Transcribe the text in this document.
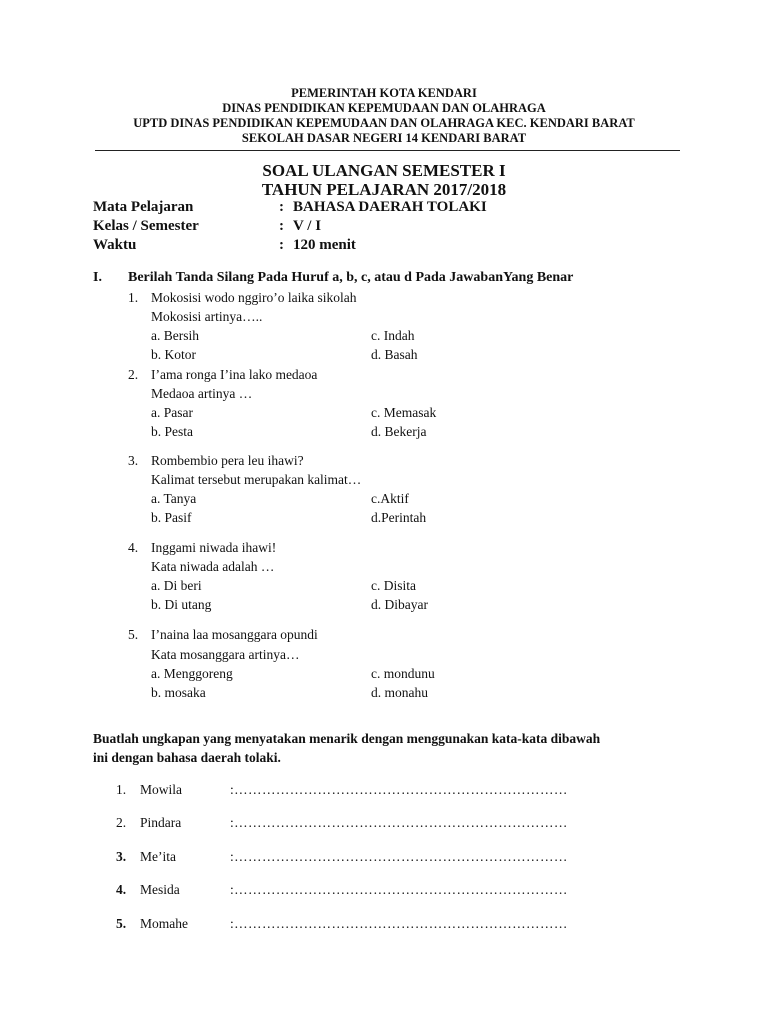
PEMERINTAH KOTA KENDARI
DINAS PENDIDIKAN KEPEMUDAAN DAN OLAHRAGA
UPTD DINAS PENDIDIKAN KEPEMUDAAN DAN OLAHRAGA KEC. KENDARI BARAT
SEKOLAH DASAR NEGERI 14 KENDARI BARAT
SOAL ULANGAN SEMESTER I
TAHUN PELAJARAN 2017/2018
Mata Pelajaran	: BAHASA DAERAH TOLAKI
Kelas / Semester	: V / I
Waktu	: 120 menit
I. Berilah Tanda Silang Pada Huruf a, b, c, atau d Pada JawabanYang Benar
1. Mokosisi wodo nggiro’o laika sikolah
Mokosisi artinya…..
a. Bersih	c. Indah
b. Kotor	d. Basah
2. I’ama ronga I’ina lako medaoa
Medaoa artinya …
a. Pasar	c. Memasak
b. Pesta	d. Bekerja
3. Rombembio pera leu ihawi?
Kalimat tersebut merupakan kalimat…
a. Tanya	c.Aktif
b. Pasif	d.Perintah
4. Inggami niwada ihawi!
Kata niwada adalah …
a. Di beri	c. Disita
b. Di utang	d. Dibayar
5. I’naina laa mosanggara opundi
Kata mosanggara artinya…
a. Menggoreng	c. mondunu
b. mosaka	d. monahu
Buatlah ungkapan yang menyatakan menarik dengan menggunakan kata-kata dibawah
ini dengan bahasa daerah tolaki.
1. Mowila	:………………………………………………………………
2. Pindara	:………………………………………………………………
3. Me’ita	:………………………………………………………………
4. Mesida	:………………………………………………………………
5. Momahe	:………………………………………………………………
